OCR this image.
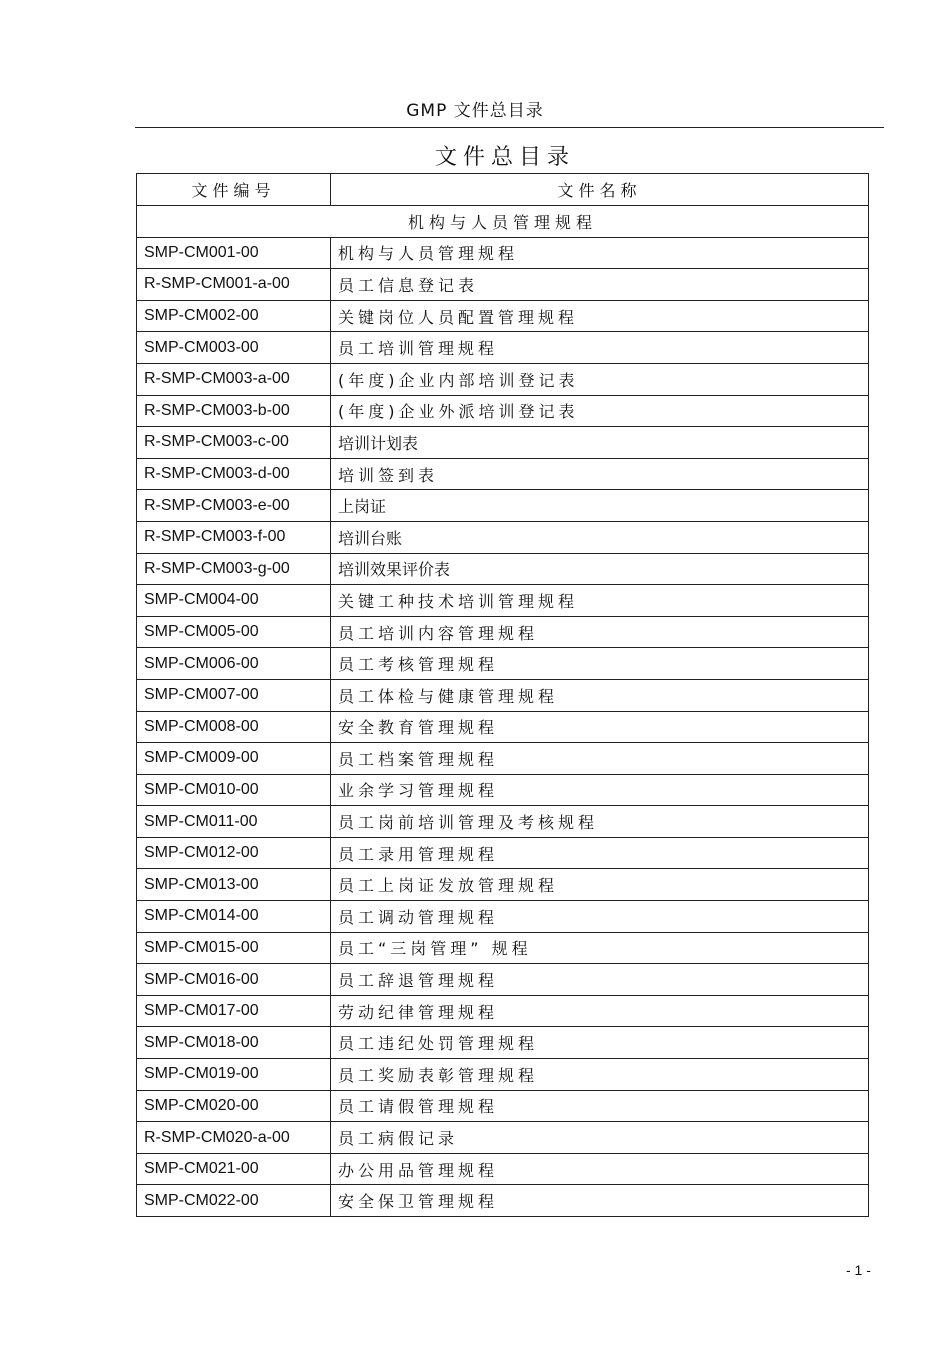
GMP 文件总目录
文件总目录
文件编号	文件名称
机构与人员管理规程	
SMP-CM001-00	机构与人员管理规程
R-SMP-CM001-a-00	员工信息登记表
SMP-CM002-00	关键岗位人员配置管理规程
SMP-CM003-00	员工培训管理规程
R-SMP-CM003-a-00	(年度)企业内部培训登记表
R-SMP-CM003-b-00	(年度)企业外派培训登记表
R-SMP-CM003-c-00	培训计划表
R-SMP-CM003-d-00	培训签到表
R-SMP-CM003-e-00	上岗证
R-SMP-CM003-f-00	培训台账
R-SMP-CM003-g-00	培训效果评价表
SMP-CM004-00	关键工种技术培训管理规程
SMP-CM005-00	员工培训内容管理规程
SMP-CM006-00	员工考核管理规程
SMP-CM007-00	员工体检与健康管理规程
SMP-CM008-00	安全教育管理规程
SMP-CM009-00	员工档案管理规程
SMP-CM010-00	业余学习管理规程
SMP-CM011-00	员工岗前培训管理及考核规程
SMP-CM012-00	员工录用管理规程
SMP-CM013-00	员工上岗证发放管理规程
SMP-CM014-00	员工调动管理规程
SMP-CM015-00	员工“三岗管理” 规程
SMP-CM016-00	员工辞退管理规程
SMP-CM017-00	劳动纪律管理规程
SMP-CM018-00	员工违纪处罚管理规程
SMP-CM019-00	员工奖励表彰管理规程
SMP-CM020-00	员工请假管理规程
R-SMP-CM020-a-00	员工病假记录
SMP-CM021-00	办公用品管理规程
SMP-CM022-00	安全保卫管理规程
- 1 -
